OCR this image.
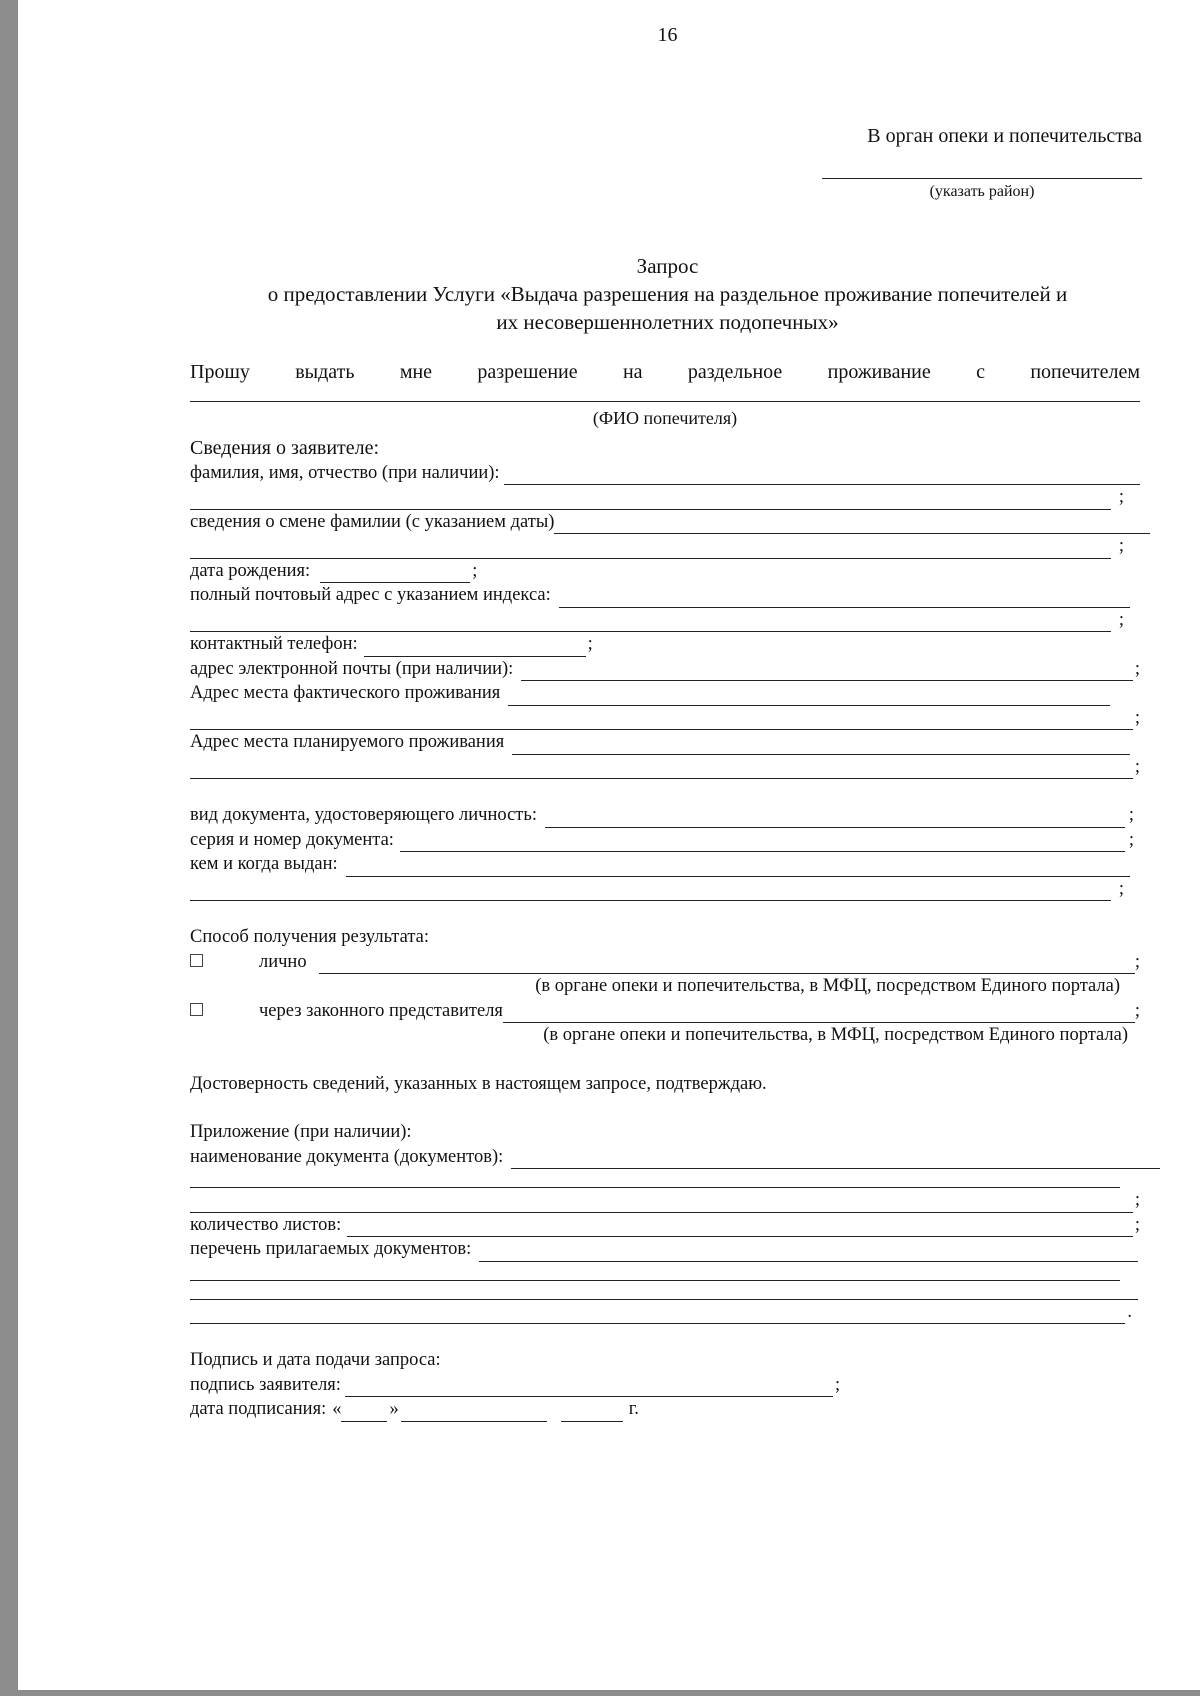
16
В орган опеки и попечительства
(указать район)
Запрос
о предоставлении Услуги «Выдача разрешения на раздельное проживание попечителей и
их несовершеннолетних подопечных»
Прошу выдать мне разрешение на раздельное проживание с попечителем
(ФИО попечителя)
Сведения о заявителе:
фамилия, имя, отчество (при наличии):
;
сведения о смене фамилии (с указанием даты)
;
дата рождения:	;
полный почтовый адрес с указанием индекса:
;
контактный телефон:	;
адрес электронной почты (при наличии):	;
Адрес места фактического проживания
;
Адрес места планируемого проживания
;
вид документа, удостоверяющего личность:	;
серия и номер документа:	;
кем и когда выдан:
;
Способ получения результата:
лично	;
(в органе опеки и попечительства, в МФЦ, посредством Единого портала)
через законного представителя	;
(в органе опеки и попечительства, в МФЦ, посредством Единого портала)
Достоверность сведений, указанных в настоящем запросе, подтверждаю.
Приложение (при наличии):
наименование документа (документов):
;
количество листов:	;
перечень прилагаемых документов:
.
Подпись и дата подачи запроса:
подпись заявителя:	;
дата подписания: «	»	г.
